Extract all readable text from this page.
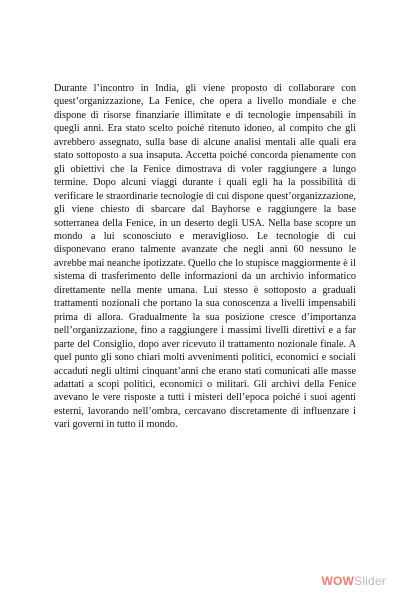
Durante l’incontro in India, gli viene proposto di collaborare con quest’organizzazione, La Fenice, che opera a livello mondiale e che dispone di risorse finanziarie illimitate e di tecnologie impensabili in quegli anni. Era stato scelto poiché ritenuto idoneo, al compito che gli avrebbero assegnato, sulla base di alcune analisi mentali alle quali era stato sottoposto a sua insaputa. Accetta poiché concorda pienamente con gli obiettivi che la Fenice dimostrava di voler raggiungere a lungo termine. Dopo alcuni viaggi durante i quali egli ha la possibilità di verificare le straordinarie tecnologie di cui dispone quest’organizzazione, gli viene chiesto di sbarcare dal Bayhorse e raggiungere la base sotterranea della Fenice, in un deserto degli USA. Nella base scopre un mondo a lui sconosciuto e meraviglioso. Le tecnologie di cui disponevano erano talmente avanzate che negli anni 60 nessuno le avrebbe mai neanche ipotizzate. Quello che lo stupisce maggiormente è il sistema di trasferimento delle informazioni da un archivio informatico direttamente nella mente umana. Lui stesso è sottoposto a graduali trattamenti nozionali che portano la sua conoscenza a livelli impensabili prima di allora. Gradualmente la sua posizione cresce d’importanza nell’organizzazione, fino a raggiungere i massimi livelli direttivi e a far parte del Consiglio, dopo aver ricevuto il trattamento nozionale finale. A quel punto gli sono chiari molti avvenimenti politici, economici e sociali accaduti negli ultimi cinquant’anni che erano stati comunicati alle masse adattati a scopi politici, economici o militari. Gli archivi della Fenice avevano le vere risposte a tutti i misteri dell’epoca poiché i suoi agenti esterni, lavorando nell’ombra, cercavano discretamente di influenzare i vari governi in tutto il mondo.

WOWSlider
